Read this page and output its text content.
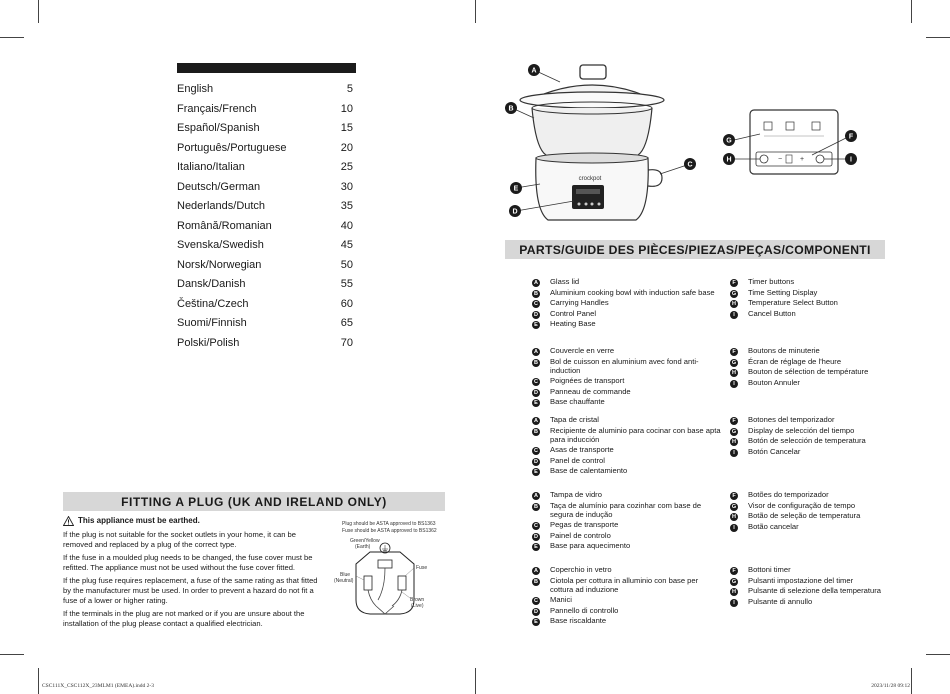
English	5
Français/French	10
Español/Spanish	15
Português/Portuguese	20
Italiano/Italian	25
Deutsch/German	30
Nederlands/Dutch	35
Română/Romanian	40
Svenska/Swedish	45
Norsk/Norwegian	50
Dansk/Danish	55
Čeština/Czech	60
Suomi/Finnish	65
Polski/Polish	70
FITTING A PLUG (UK AND IRELAND ONLY)
This appliance must be earthed.

If the plug is not suitable for the socket outlets in your home, it can be removed and replaced by a plug of the correct type.

If the fuse in a moulded plug needs to be changed, the fuse cover must be refitted. The appliance must not be used without the fuse cover fitted.

If the plug fuse requires replacement, a fuse of the same rating as that fitted by the manufacturer must be used. In order to prevent a hazard do not fit a fuse of a lower or higher rating.

If the terminals in the plug are not marked or if you are unsure about the installation of the plug please contact a qualified electrician.

Plug should be ASTA approved to BS1363
Fuse should be ASTA approved to BS1362
Green/Yellow
(Earth)
Fuse
Blue
(Neutral)
Brown
(Live)
crockpot
A
B
C
E
D
−	+
G
H
F
I
PARTS/GUIDE DES PIÈCES/PIEZAS/PEÇAS/COMPONENTI
A Glass lid
B Aluminium cooking bowl with induction safe base
C Carrying Handles
D Control Panel
E Heating Base
F	Timer buttons
G Time Setting Display
H Temperature Select Button
I	Cancel Button
A Couvercle en verre
B Bol de cuisson en aluminium avec fond anti-induction
C Poignées de transport
D Panneau de commande
E Base chauffante
F	Boutons de minuterie
G Écran de réglage de l'heure
H Bouton de sélection de température
I	Bouton Annuler
A Tapa de cristal
B Recipiente de aluminio para cocinar con base apta para inducción
C Asas de transporte
D Panel de control
E Base de calentamiento
F	Botones del temporizador
G Display de selección del tiempo
H Botón de selección de temperatura
I	Botón Cancelar
A Tampa de vidro
B Taça de alumínio para cozinhar com base de segura de indução
C Pegas de transporte
D Painel de controlo
E Base para aquecimento
F	Botões do temporizador
G Visor de configuração de tempo
H Botão de seleção de temperatura
I	Botão cancelar
A Coperchio in vetro
B Ciotola per cottura in alluminio con base per cottura ad induzione
C Manici
D Pannello di controllo
E Base riscaldante
F	Bottoni timer
G Pulsanti impostazione del timer
H Pulsante di selezione della temperatura
I	Pulsante di annullo
CSC111X_CSC112X_23MLM1 (EMEA).indd 2-3	2023/11/28 09:12
